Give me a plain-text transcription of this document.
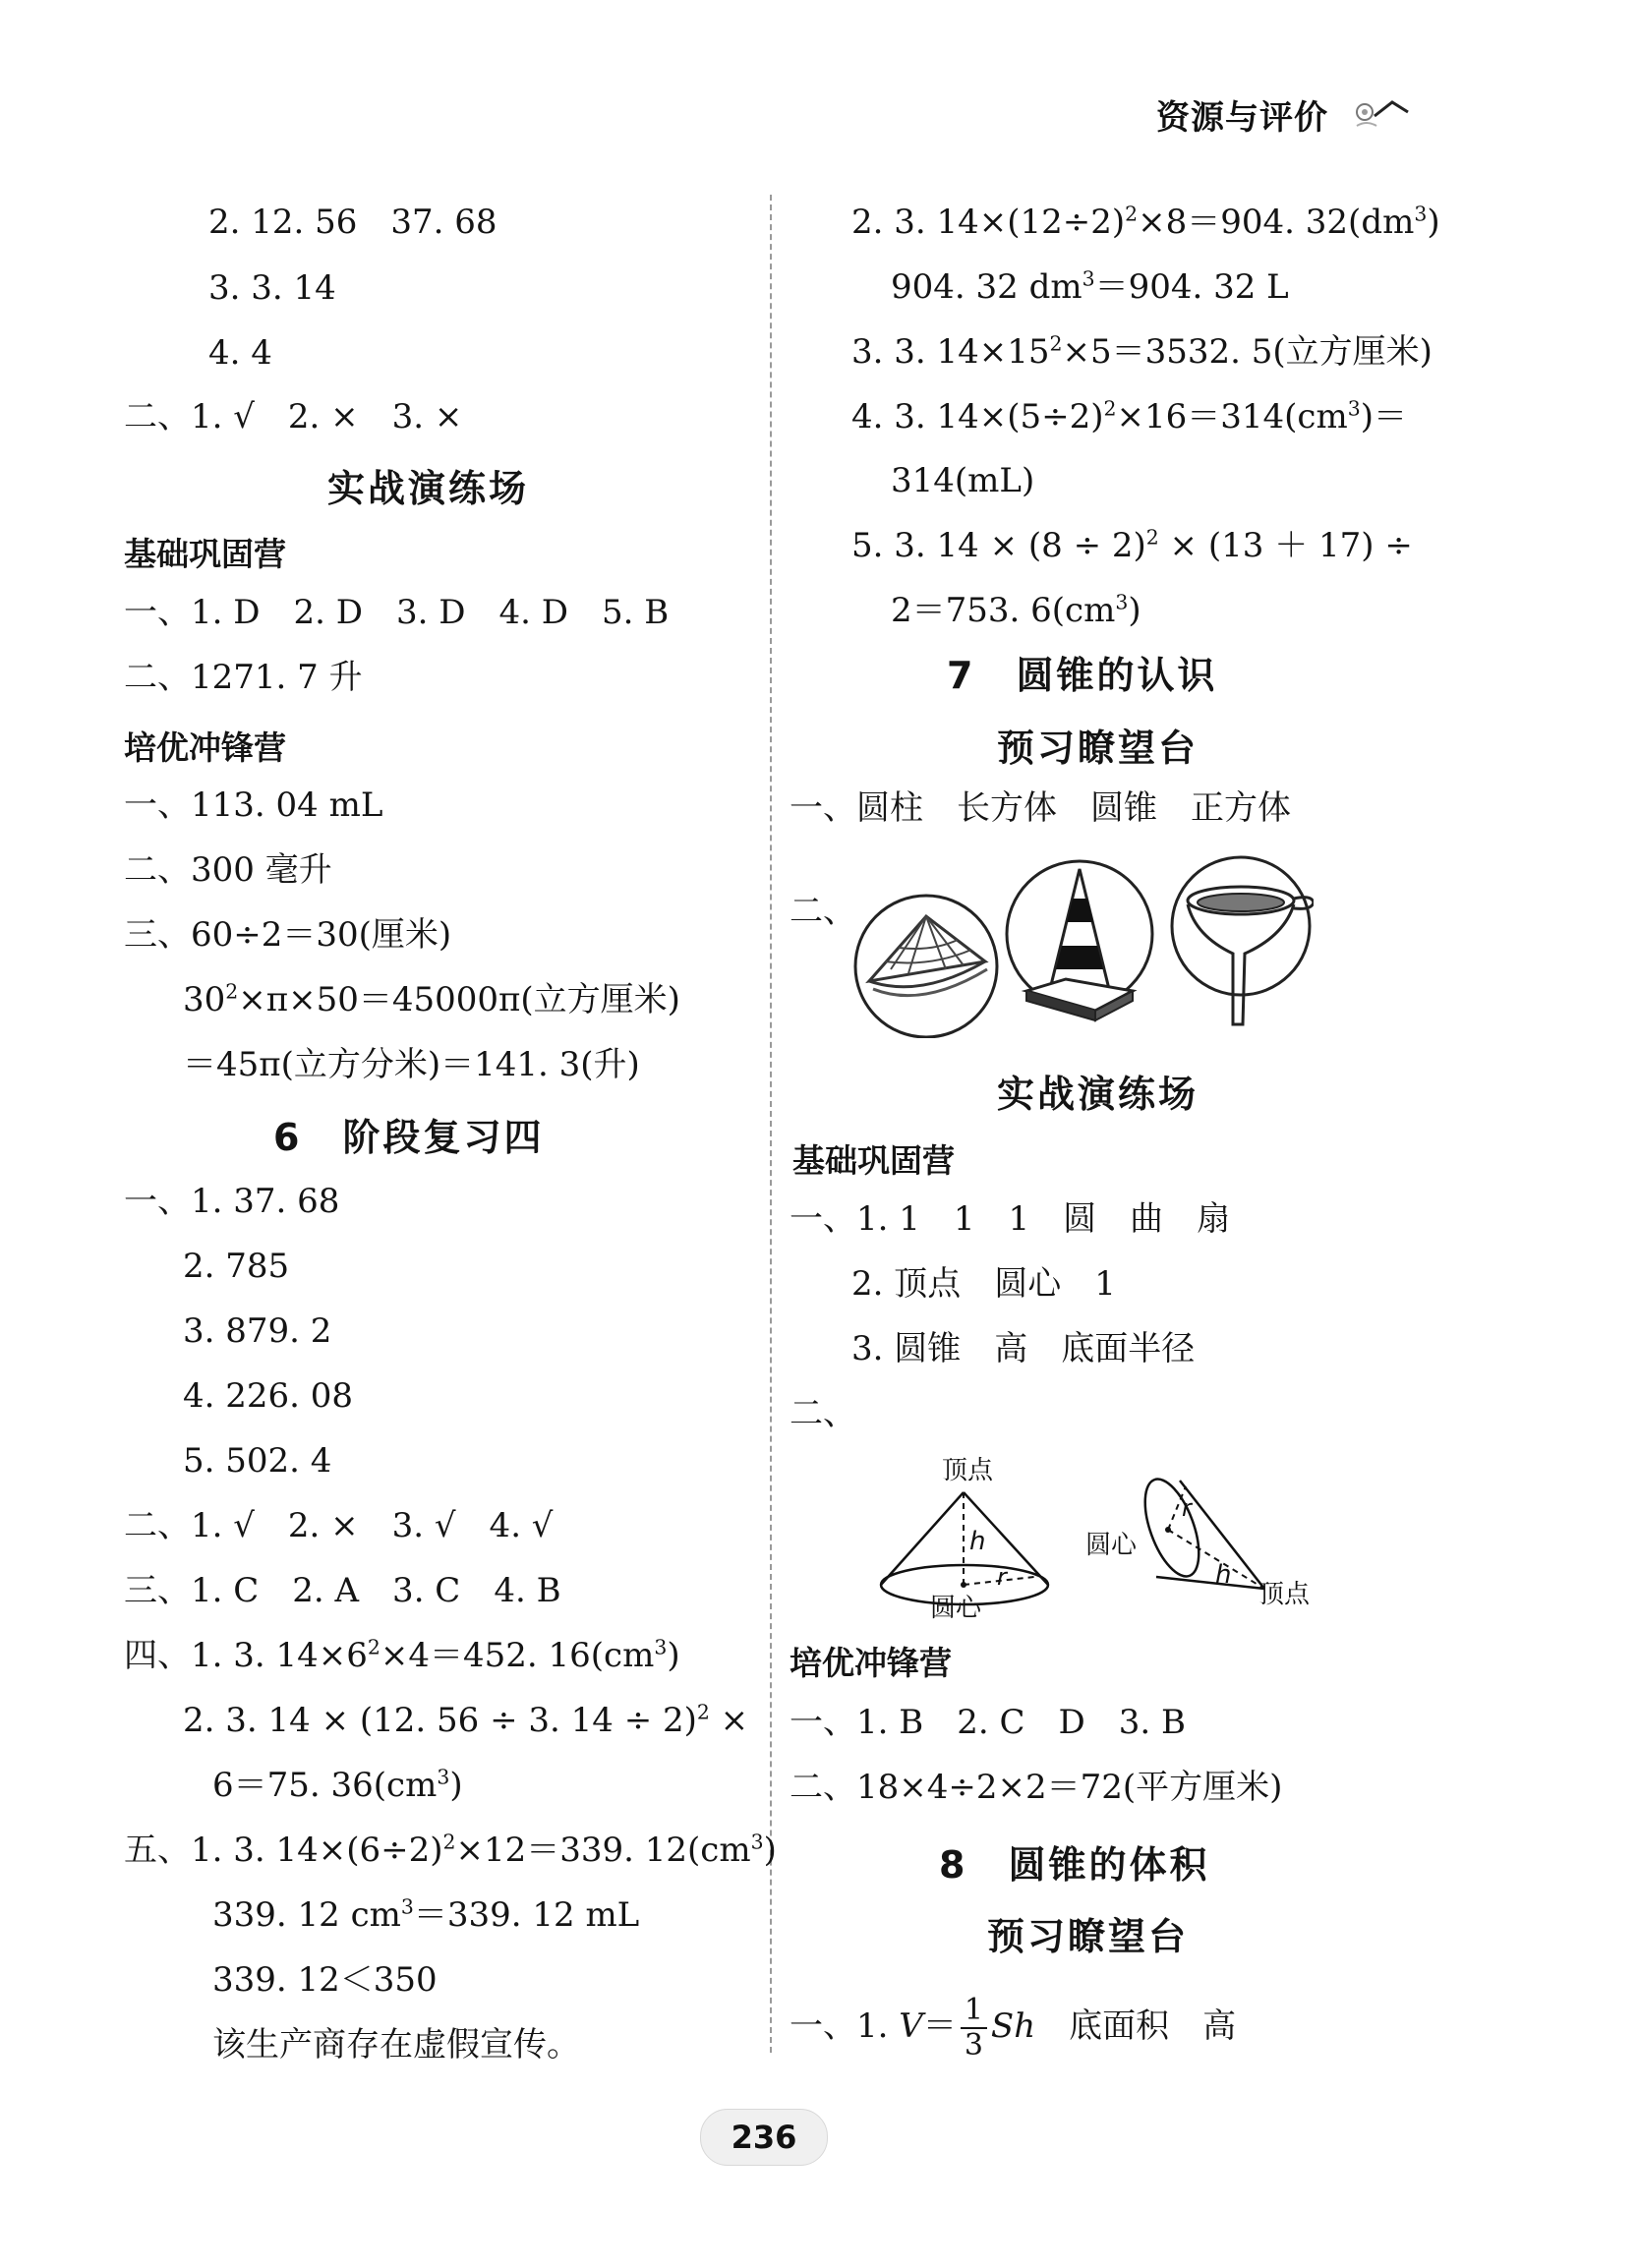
资源与评价
2. 12. 56　37. 68
3. 3. 14
4. 4
二、1. √　2. ×　3. ×
实战演练场
基础巩固营
一、1. D　2. D　3. D　4. D　5. B
二、1271. 7 升
培优冲锋营
一、113. 04 mL
二、300 毫升
三、60÷2＝30(厘米)
$30^2\times\pi\times 50=45000\pi$(立方厘米)
＝45π(立方分米)＝141. 3(升)
6　阶段复习四
一、1. 37. 68
2. 785
3. 879. 2
4. 226. 08
5. 502. 4
二、1. √　2. ×　3. √　4. √
三、1. C　2. A　3. C　4. B
四、1. 3. $14\times 6^2\times 4=452$. $16(cm^3)$
2. 3. 14 × (12. 56 ÷ 3. 14 ÷ 2)$^2$ ×
6＝75. $36(cm^3)$
五、1. 3. $14\times(6\div 2)^2\times 12=339$. $12(cm^3)$
339. 12 $cm^3=339$. 12 mL
339. 12＜350
该生产商存在虚假宣传。
2. 3. $14\times(12\div 2)^2\times 8=904$. $32(dm^3)$
904. 32 $dm^3=904$. 32 L
3. 3. $14\times 15^2\times 5=3532$. 5(立方厘米)
4. 3. $14\times(5\div 2)^2\times 16=314(cm^3)=$
314(mL)
5. 3. $14 \times (8 \div 2)^2 \times (13 + 17)$ ÷
2＝753. $6(cm^3)$
7　圆锥的认识
预习瞭望台
一、圆柱　长方体　圆锥　正方体
二、
实战演练场
基础巩固营
一、1. 1　1　1　圆　曲　扇
2. 顶点　圆心　1
3. 圆锥　高　底面半径
二、
顶点
h
r
圆心
圆心
r
h
顶点
培优冲锋营
一、1. B　2. C　D　3. B
二、18×4÷2×2＝72(平方厘米)
8　圆锥的体积
预习瞭望台
一、1. $V= \frac{1}{3}$ Sh　底面积　高
236
